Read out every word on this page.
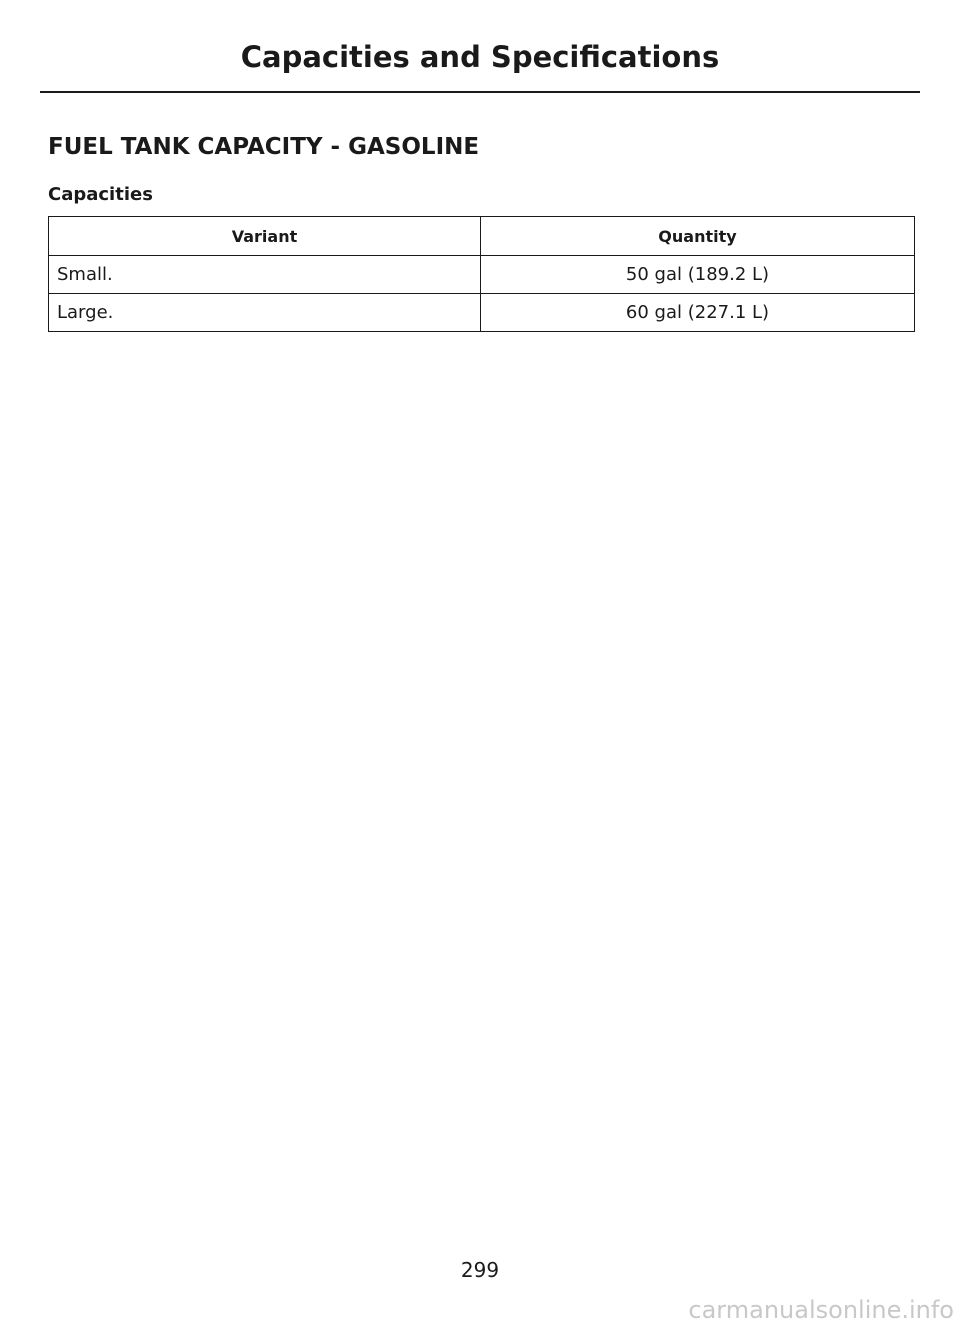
Capacities and Specifications
FUEL TANK CAPACITY - GASOLINE
Capacities
Variant	Quantity
Small.	50 gal (189.2 L)
Large.	60 gal (227.1 L)
299
carmanualsonline.info
